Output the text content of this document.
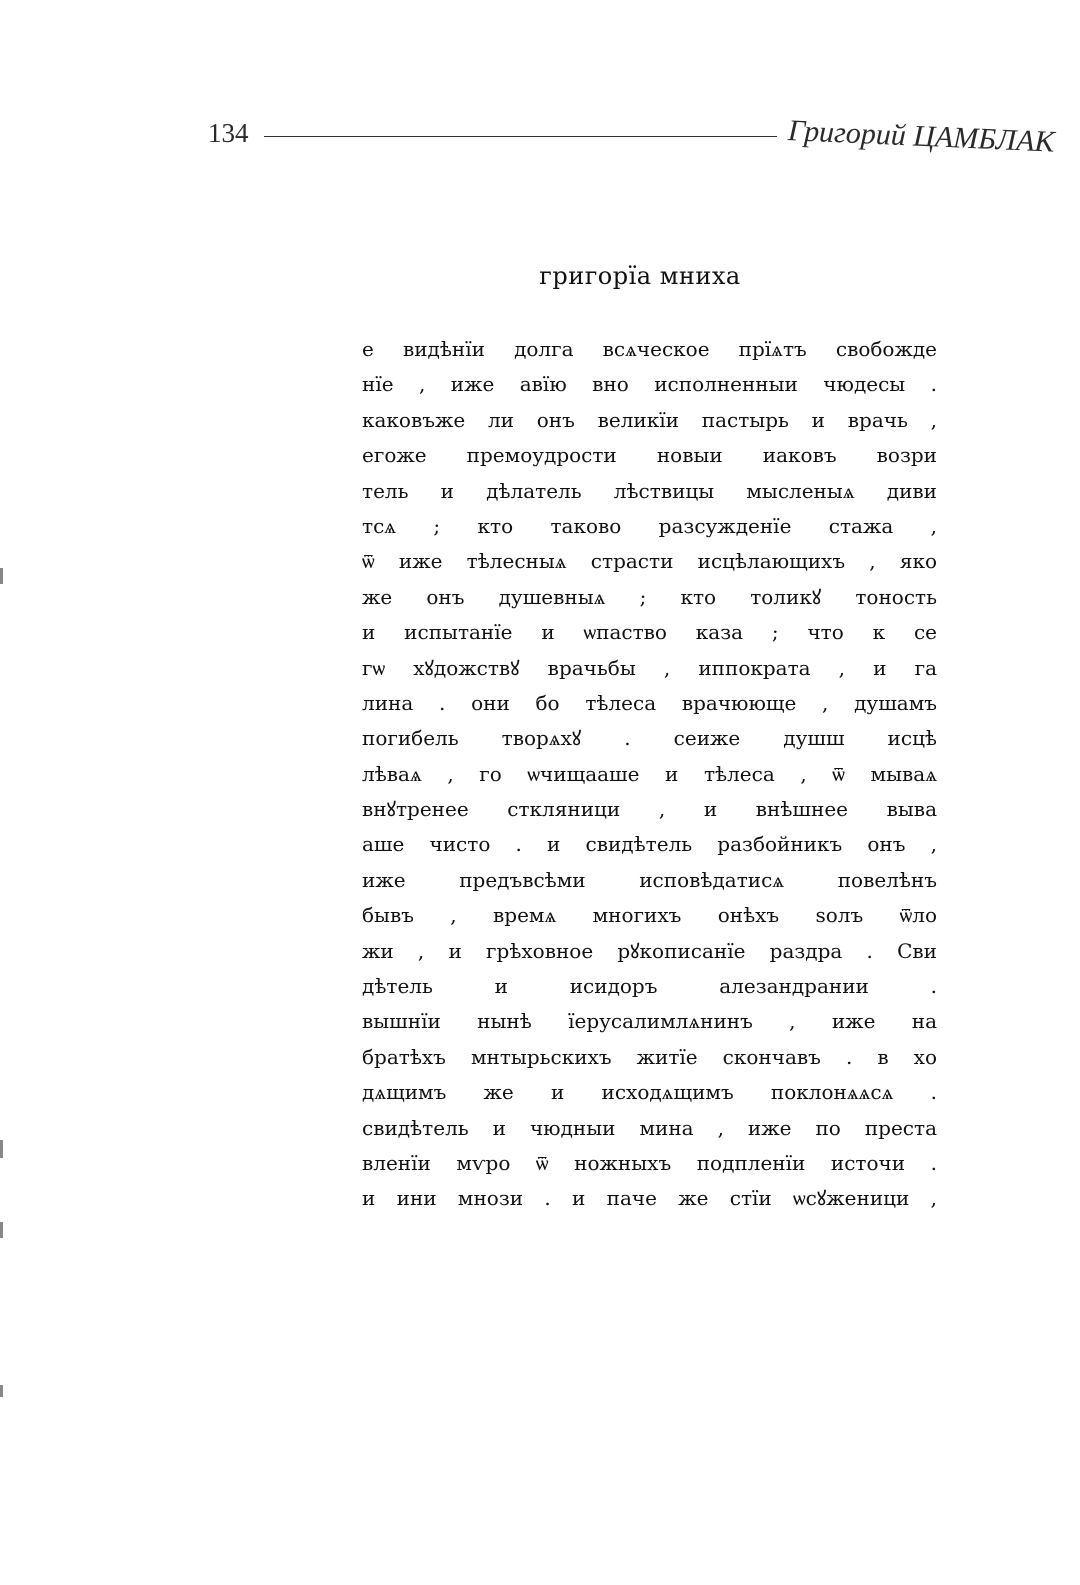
134	Григорий ЦАМБЛАК
григорїа мниха
е видѣнїи долга всѧческое прїѧтъ свобожде
нїе , иже авїю вно исполненныи чюдесы .
каковъже ли онъ великїи пастырь и врачь ,
егоже премоудрости новыи иаковъ возри
тель и дѣлатель лѣствицы мысленыѧ диви
тсѧ ; кто таково разсужденїе стажа ,
ѿ иже тѣлесныѧ страсти исцѣлающихъ , яко
же онъ душевныѧ ; кто толикꙋ тоность
и испытанїе и ѡпаство каза ; что к се
гѡ хꙋдожствꙋ врачьбы , иппократа , и га
лина . они бо тѣлеса врачююще , душамъ
погибель творѧхꙋ . сеиже душш исцѣ
лѣваѧ , го ѡчищааше и тѣлеса , ѿ мываѧ
внꙋтренее сткляници , и внѣшнее выва
аше чисто . и свидѣтель разбойникъ онъ ,
иже предъвсѣми исповѣдатисѧ повелѣнъ
бывъ , времѧ многихъ онѣхъ ѕолъ ѿло
жи , и грѣховное рꙋкописанїе раздра . Сви
дѣтель и исидоръ алезандрании .
вышнїи нынѣ їерусалимлѧнинъ , иже на
братѣхъ мнтырьскихъ житїе скончавъ . в хо
дѧщимъ же и исходѧщимъ поклонѧѧсѧ .
свидѣтель и чюдныи мина , иже по преста
вленїи мѵро ѿ ножныхъ подпленїи источи .
и ини мнози . и паче же стїи ѡсꙋженици ,
